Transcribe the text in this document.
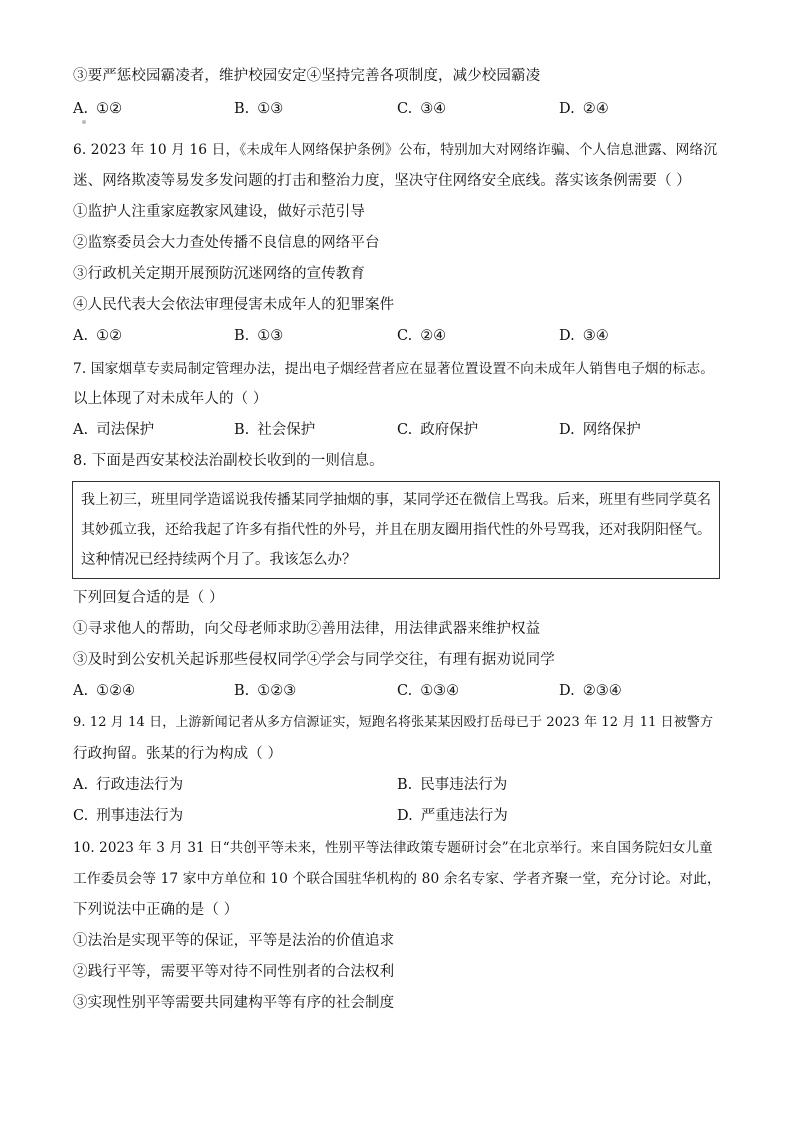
③要严惩校园霸凌者，维护校园安定④坚持完善各项制度，减少校园霸凌
A. ①②	B. ①③	C. ③④	D. ②④
6. 2023 年 10 月 16 日，《未成年人网络保护条例》公布，特别加大对网络诈骗、个人信息泄露、网络沉
迷、网络欺凌等易发多发问题的打击和整治力度，坚决守住网络安全底线。落实该条例需要（ ）
①监护人注重家庭教家风建设，做好示范引导
②监察委员会大力查处传播不良信息的网络平台
③行政机关定期开展预防沉迷网络的宣传教育
④人民代表大会依法审理侵害未成年人的犯罪案件
A. ①②	B. ①③	C. ②④	D. ③④
7. 国家烟草专卖局制定管理办法，提出电子烟经营者应在显著位置设置不向未成年人销售电子烟的标志。
以上体现了对未成年人的（ ）
A. 司法保护	B. 社会保护	C. 政府保护	D. 网络保护
8. 下面是西安某校法治副校长收到的一则信息。
我上初三，班里同学造谣说我传播某同学抽烟的事，某同学还在微信上骂我。后来，班里有些同学莫名
其妙孤立我，还给我起了许多有指代性的外号，并且在朋友圈用指代性的外号骂我，还对我阴阳怪气。
这种情况已经持续两个月了。我该怎么办？
下列回复合适的是（ ）
①寻求他人的帮助，向父母老师求助②善用法律，用法律武器来维护权益
③及时到公安机关起诉那些侵权同学④学会与同学交往，有理有据劝说同学
A. ①②④	B. ①②③	C. ①③④	D. ②③④
9. 12 月 14 日，上游新闻记者从多方信源证实，短跑名将张某某因殴打岳母已于 2023 年 12 月 11 日被警方
行政拘留。张某的行为构成（ ）
A. 行政违法行为	B. 民事违法行为
C. 刑事违法行为	D. 严重违法行为
10. 2023 年 3 月 31 日“共创平等未来，性别平等法律政策专题研讨会”在北京举行。来自国务院妇女儿童
工作委员会等 17 家中方单位和 10 个联合国驻华机构的 80 余名专家、学者齐聚一堂，充分讨论。对此，
下列说法中正确的是（ ）
①法治是实现平等的保证，平等是法治的价值追求
②践行平等，需要平等对待不同性别者的合法权利
③实现性别平等需要共同建构平等有序的社会制度
